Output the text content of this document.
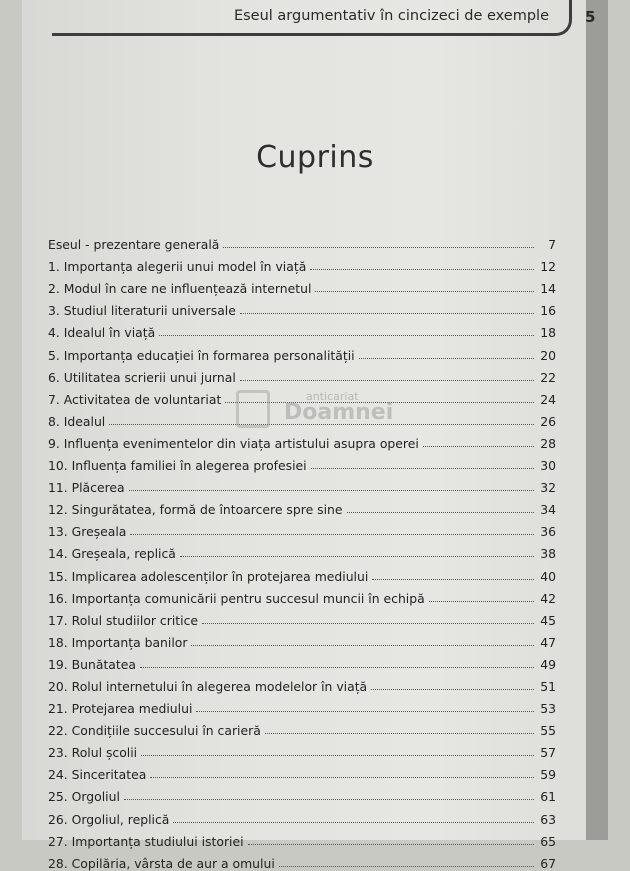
Eseul argumentativ în cincizeci de exemple 5
Cuprins
Eseul - prezentare generală	7
1. Importanța alegerii unui model în viață	12
2. Modul în care ne influențează internetul	14
3. Studiul literaturii universale	16
4. Idealul în viață	18
5. Importanța educației în formarea personalității	20
6. Utilitatea scrierii unui jurnal	22
7. Activitatea de voluntariat	24
8. Idealul	26
9. Influența evenimentelor din viața artistului asupra operei	28
10. Influența familiei în alegerea profesiei	30
11. Plăcerea	32
12. Singurătatea, formă de întoarcere spre sine	34
13. Greșeala	36
14. Greșeala, replică	38
15. Implicarea adolescenților în protejarea mediului	40
16. Importanța comunicării pentru succesul muncii în echipă	42
17. Rolul studiilor critice	45
18. Importanța banilor	47
19. Bunătatea	49
20. Rolul internetului în alegerea modelelor în viață	51
21. Protejarea mediului	53
22. Condițiile succesului în carieră	55
23. Rolul școlii	57
24. Sinceritatea	59
25. Orgoliul	61
26. Orgoliul, replică	63
27. Importanța studiului istoriei	65
28. Copilăria, vârsta de aur a omului	67
anticariat
Doamnei
